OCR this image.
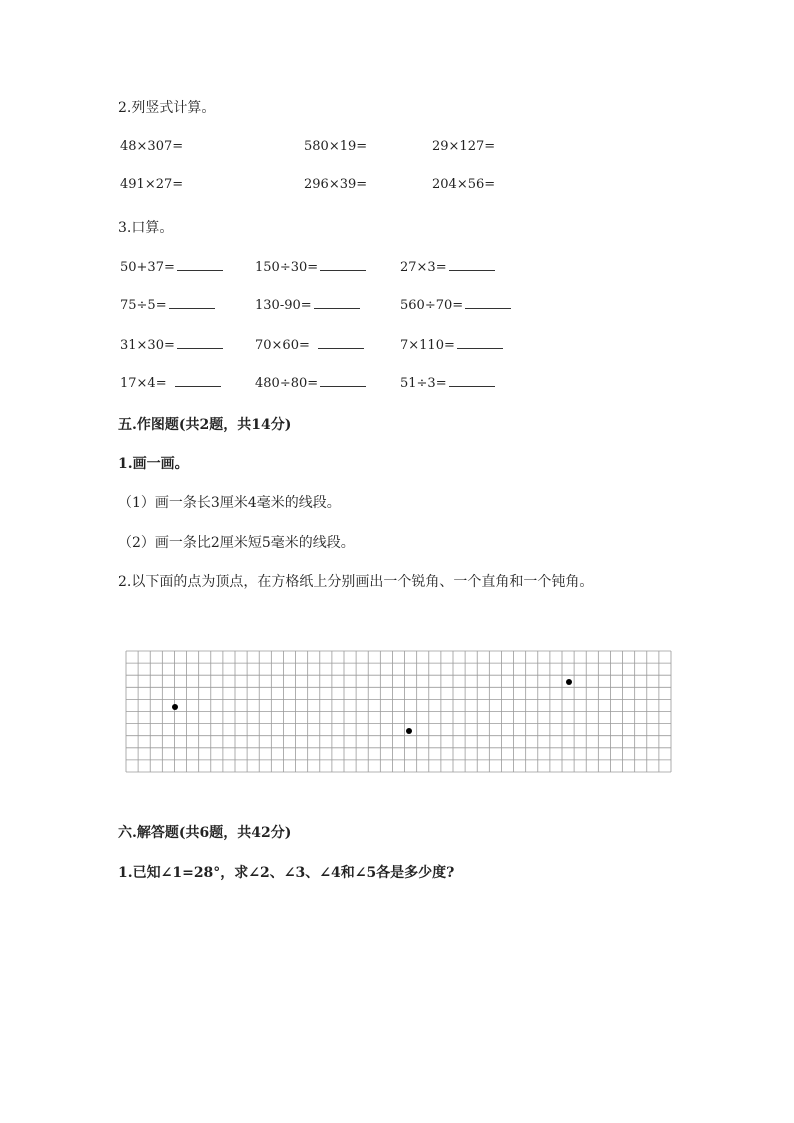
2.列竖式计算。
48×307=	580×19=	29×127=
491×27=	296×39=	204×56=
3.口算。
50+37=	150÷30=	27×3=
75÷5=	130-90=	560÷70=
31×30=	70×60=	7×110=
17×4=	480÷80=	51÷3=
五.作图题(共2题，共14分)
1.画一画。
（1）画一条长3厘米4毫米的线段。
（2）画一条比2厘米短5毫米的线段。
2.以下面的点为顶点，在方格纸上分别画出一个锐角、一个直角和一个钝角。
六.解答题(共6题，共42分)
1.已知∠1=28°，求∠2、∠3、∠4和∠5各是多少度?
